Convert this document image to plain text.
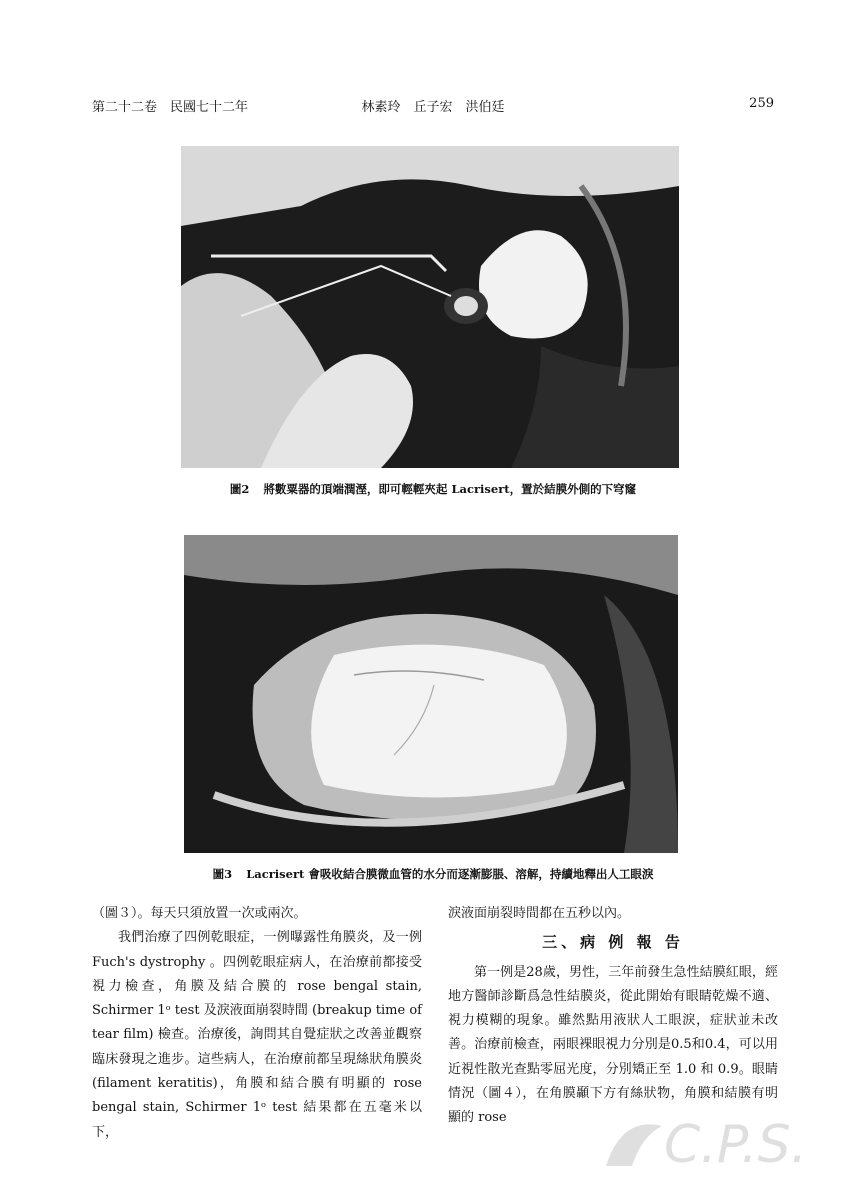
第二十二卷　民國七十二年	林素玲　丘子宏　洪伯廷	259
圖2 將數粟器的頂端潤溼，即可輕輕夾起 Lacrisert，置於結膜外側的下穹窿
圖3 Lacrisert 會吸收結合膜微血管的水分而逐漸膨脹、溶解，持續地釋出人工眼淚

（圖３）。每天只須放置一次或兩次。

我們治療了四例乾眼症，一例曝露性角膜炎，及一例 Fuch's dystrophy 。四例乾眼症病人，在治療前都接受視力檢查，角膜及結合膜的 rose bengal stain, Schirmer 1ᵒ test 及淚液面崩裂時間 (breakup time of tear film) 檢查。治療後，詢問其自覺症狀之改善並觀察臨床發現之進步。這些病人，在治療前都呈現絲狀角膜炎 (filament keratitis)，角膜和結合膜有明顯的 rose bengal stain, Schirmer 1ᵒ test 結果都在五毫米以下，

淚液面崩裂時間都在五秒以內。

三、病 例 報 告

第一例是28歲，男性，三年前發生急性結膜紅眼，經地方醫師診斷爲急性結膜炎，從此開始有眼睛乾燥不適、視力模糊的現象。雖然點用液狀人工眼淚，症狀並未改善。治療前檢查，兩眼裸眼視力分別是0.5和0.4，可以用近視性散光查點零屈光度，分別矯正至 1.0 和 0.9。眼睛情況（圖４），在角膜顳下方有絲狀物，角膜和結膜有明顯的 rose	C.P.S.
